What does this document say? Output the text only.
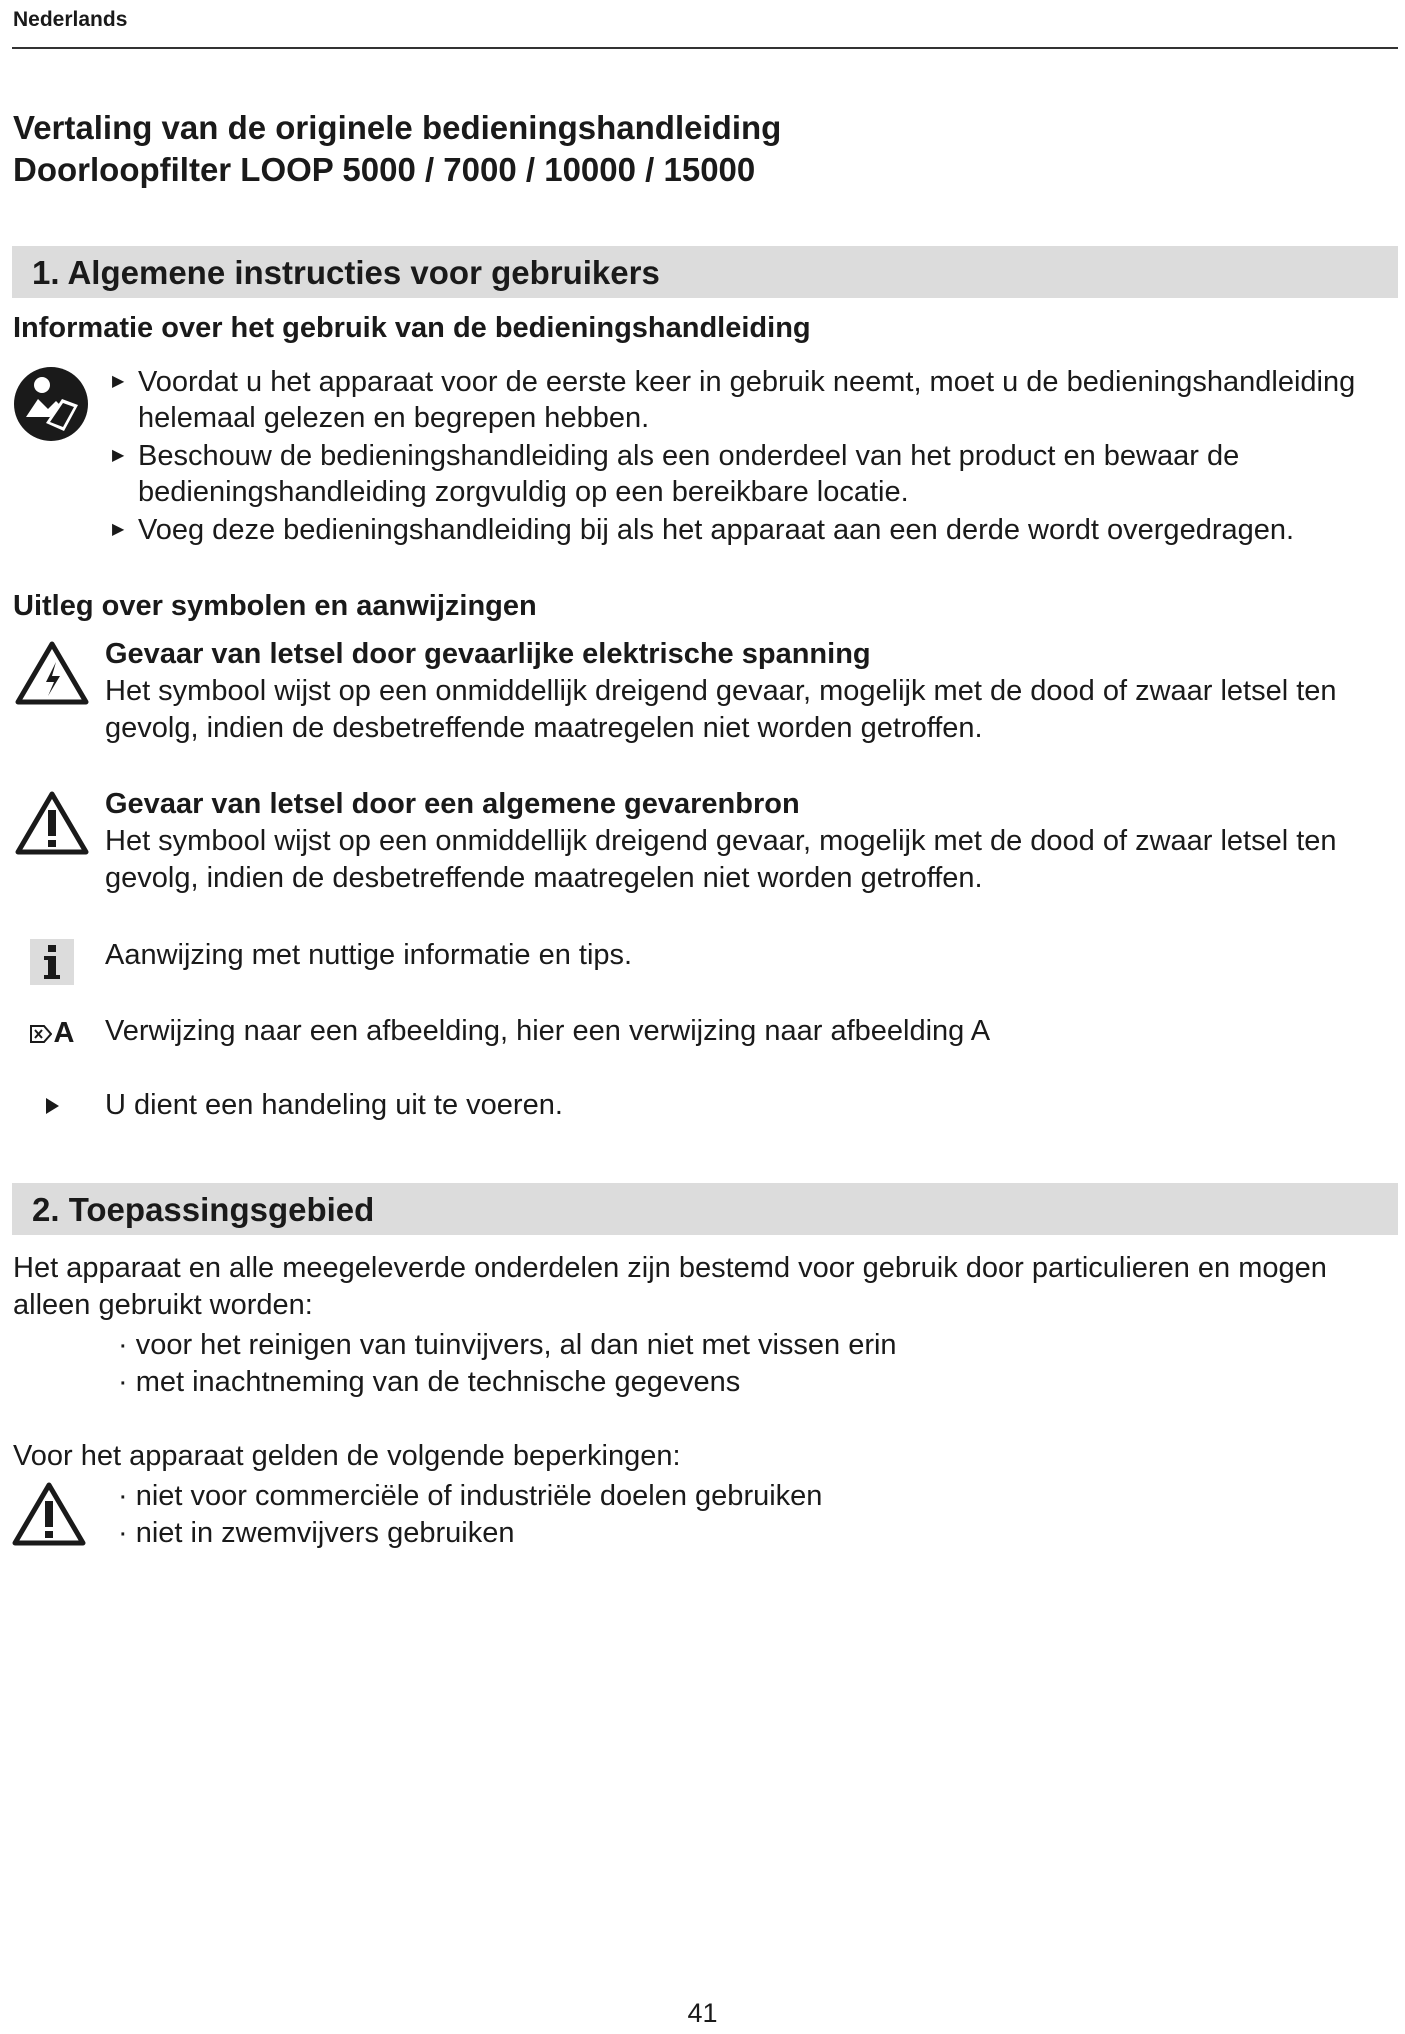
Nederlands
Vertaling van de originele bedieningshandleiding
Doorloopfilter LOOP 5000 / 7000 / 10000 / 15000
1. Algemene instructies voor gebruikers
Informatie over het gebruik van de bedieningshandleiding
▶ Voordat u het apparaat voor de eerste keer in gebruik neemt, moet u de bedieningshandleiding helemaal gelezen en begrepen hebben.
▶ Beschouw de bedieningshandleiding als een onderdeel van het product en bewaar de bedieningshandleiding zorgvuldig op een bereikbare locatie.
▶ Voeg deze bedieningshandleiding bij als het apparaat aan een derde wordt overgedragen.
Uitleg over symbolen en aanwijzingen
Gevaar van letsel door gevaarlijke elektrische spanning
Het symbool wijst op een onmiddellijk dreigend gevaar, mogelijk met de dood of zwaar letsel ten gevolg, indien de desbetreffende maatregelen niet worden getroffen.
Gevaar van letsel door een algemene gevarenbron
Het symbool wijst op een onmiddellijk dreigend gevaar, mogelijk met de dood of zwaar letsel ten gevolg, indien de desbetreffende maatregelen niet worden getroffen.
Aanwijzing met nuttige informatie en tips.
A Verwijzing naar een afbeelding, hier een verwijzing naar afbeelding A
U dient een handeling uit te voeren.
2. Toepassingsgebied
Het apparaat en alle meegeleverde onderdelen zijn bestemd voor gebruik door particulieren en mogen alleen gebruikt worden:
· voor het reinigen van tuinvijvers, al dan niet met vissen erin
· met inachtneming van de technische gegevens
Voor het apparaat gelden de volgende beperkingen:
· niet voor commerciële of industriële doelen gebruiken
· niet in zwemvijvers gebruiken
41
